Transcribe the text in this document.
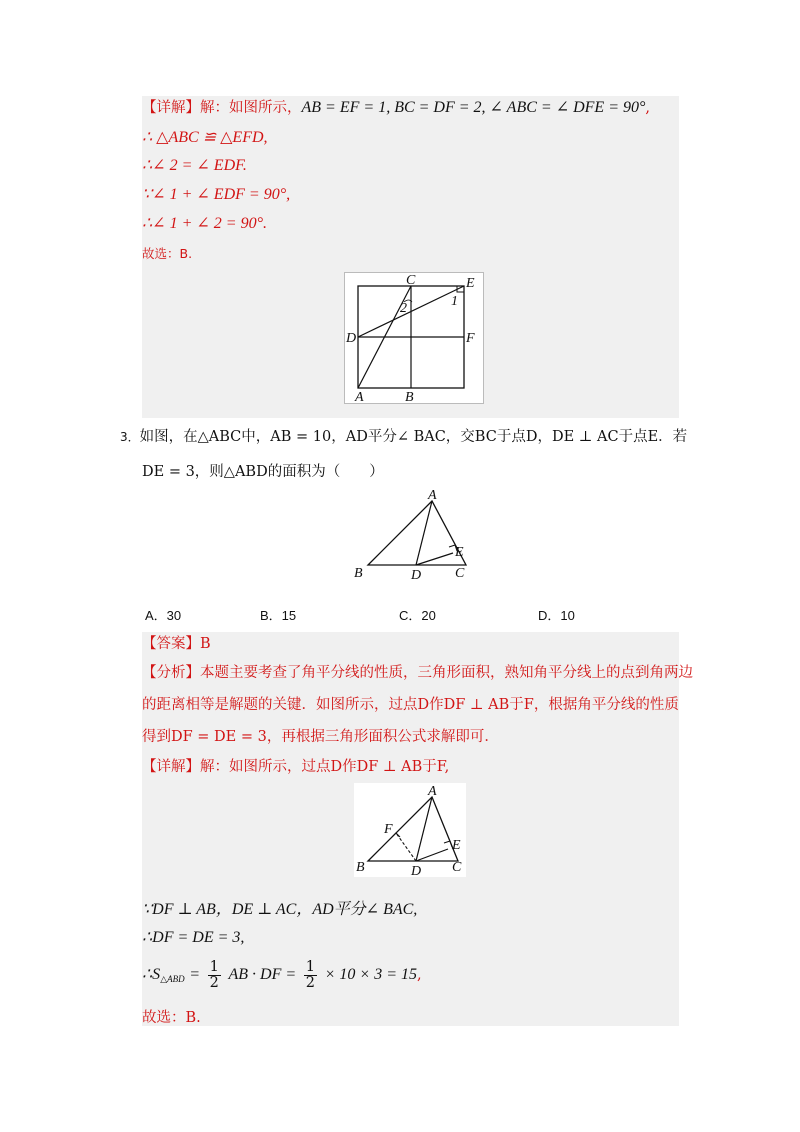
【详解】解：如图所示，AB = EF = 1, BC = DF = 2, ∠ ABC = ∠ DFE = 90°,
∴ △ABC ≌ △EFD,
∴∠ 2 = ∠ EDF.
∵∠ 1 + ∠ EDF = 90°,
∴∠ 1 + ∠ 2 = 90°.
故选：B.
C	E
1
2
D	F
A	B
3．如图，在△ABC中，AB = 10，AD平分∠ BAC，交BC于点D，DE ⊥ AC于点E．若
DE = 3，则△ABD的面积为（　　）
A
E
B	D C
A．30	B．15	C．20	D．10
【答案】B
【分析】本题主要考查了角平分线的性质，三角形面积，熟知角平分线上的点到角两边
的距离相等是解题的关键．如图所示，过点D作DF ⊥ AB于F，根据角平分线的性质
得到DF = DE = 3，再根据三角形面积公式求解即可．
【详解】解：如图所示，过点D作DF ⊥ AB于F,
A
F
E
B	D C
∵DF ⊥ AB，DE ⊥ AC，AD平分∠ BAC,
∴DF = DE = 3,
$\therefore S_{\triangle ABD} = \frac{1}{2}$ AB · DF = $\frac{1}{2} \times 10 \times 3 = 15$,
故选：B.
